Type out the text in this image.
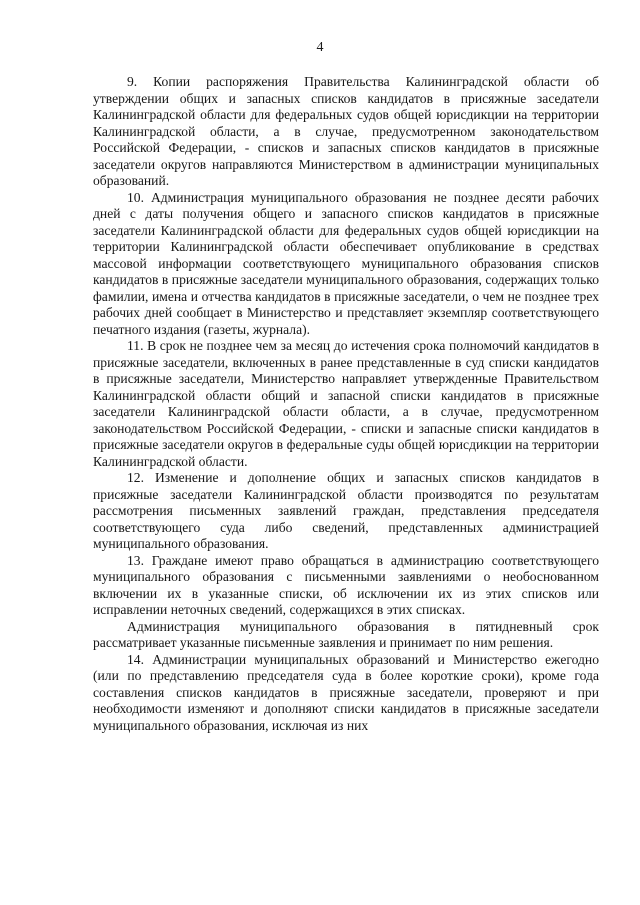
4

9. Копии распоряжения Правительства Калининградской области об утверждении общих и запасных списков кандидатов в присяжные заседатели Калининградской области для федеральных судов общей юрисдикции на территории Калининградской области, а в случае, предусмотренном законодательством Российской Федерации, - списков и запасных списков кандидатов в присяжные заседатели округов направляются Министерством в администрации муниципальных образований.

10. Администрация муниципального образования не позднее десяти рабочих дней с даты получения общего и запасного списков кандидатов в присяжные заседатели Калининградской области для федеральных судов общей юрисдикции на территории Калининградской области обеспечивает опубликование в средствах массовой информации соответствующего муниципального образования списков кандидатов в присяжные заседатели муниципального образования, содержащих только фамилии, имена и отчества кандидатов в присяжные заседатели, о чем не позднее трех рабочих дней сообщает в Министерство и представляет экземпляр соответствующего печатного издания (газеты, журнала).

11. В срок не позднее чем за месяц до истечения срока полномочий кандидатов в присяжные заседатели, включенных в ранее представленные в суд списки кандидатов в присяжные заседатели, Министерство направляет утвержденные Правительством Калининградской области общий и запасной списки кандидатов в присяжные заседатели Калининградской области области, а в случае, предусмотренном законодательством Российской Федерации, - списки и запасные списки кандидатов в присяжные заседатели округов в федеральные суды общей юрисдикции на территории Калининградской области.

12. Изменение и дополнение общих и запасных списков кандидатов в присяжные заседатели Калининградской области производятся по результатам рассмотрения письменных заявлений граждан, представления председателя соответствующего суда либо сведений, представленных администрацией муниципального образования.

13. Граждане имеют право обращаться в администрацию соответствующего муниципального образования с письменными заявлениями о необоснованном включении их в указанные списки, об исключении их из этих списков или исправлении неточных сведений, содержащихся в этих списках.

Администрация муниципального образования в пятидневный срок рассматривает указанные письменные заявления и принимает по ним решения.

14. Администрации муниципальных образований и Министерство ежегодно (или по представлению председателя суда в более короткие сроки), кроме года составления списков кандидатов в присяжные заседатели, проверяют и при необходимости изменяют и дополняют списки кандидатов в присяжные заседатели муниципального образования, исключая из них
